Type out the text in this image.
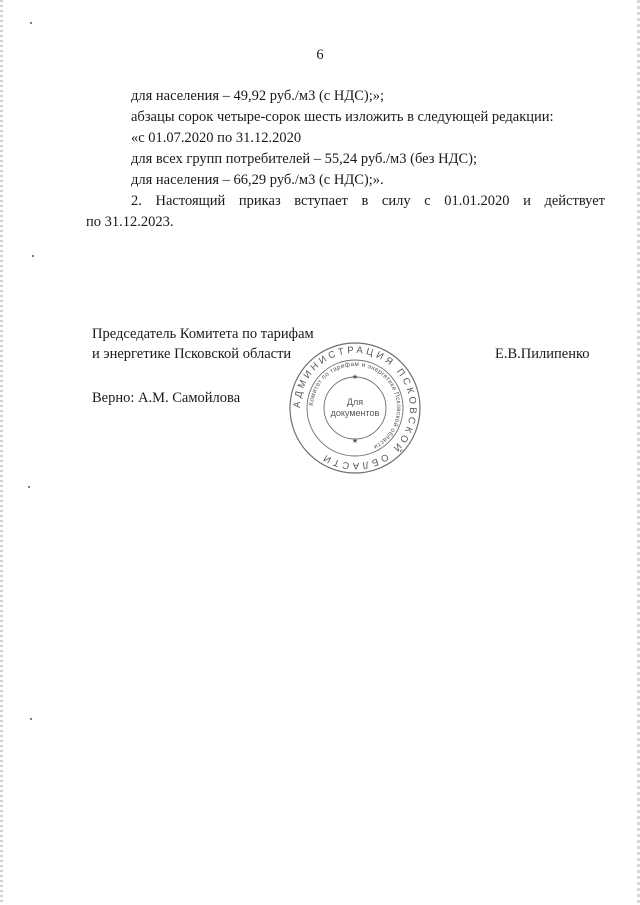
6
для населения – 49,92 руб./м3 (с НДС);»;
абзацы сорок четыре-сорок шесть изложить в следующей редакции:
«с 01.07.2020 по 31.12.2020
для всех групп потребителей – 55,24 руб./м3 (без НДС);
для населения – 66,29 руб./м3 (с НДС);».
2. Настоящий приказ вступает в силу с 01.01.2020 и действует
по 31.12.2023.
Председатель Комитета по тарифам
и энергетике Псковской области	Е.В.Пилипенко
Верно: А.М. Самойлова	АДМИНИСТРАЦИЯ ПСКОВСКОЙ ОБЛАСТИ
Комитет по тарифам и энергетике Псковской области
Для
документов
★
★
